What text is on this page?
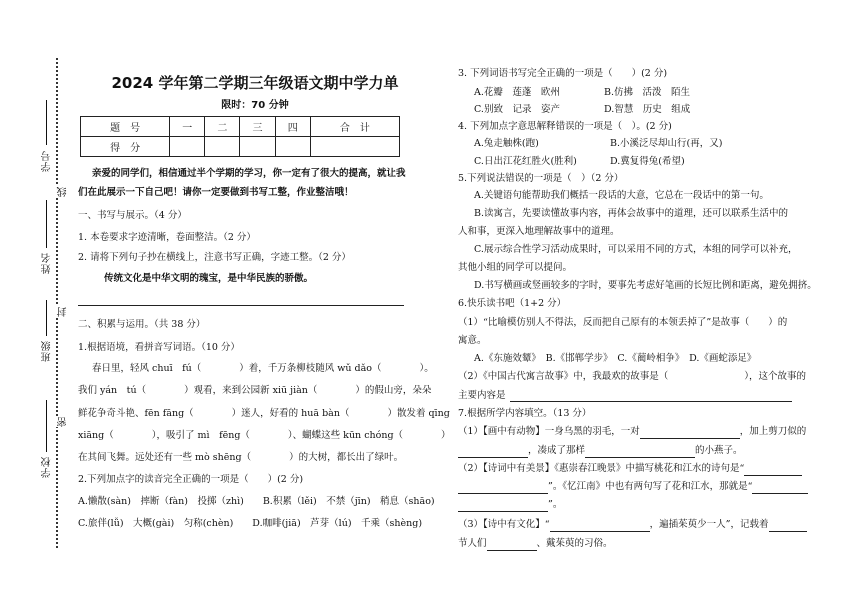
学号
线
姓名
封
班级
密
学校
2024 学年第二学期三年级语文期中学力单
限时：70 分钟
题　号	一	二	三	四	合　计
得　分					
亲爱的同学们，相信通过半个学期的学习，你一定有了很大的提高，就让我
们在此展示一下自己吧！请你一定要做到书写工整，作业整洁哦！
一、书写与展示。（4 分）
1. 本卷要求字迹清晰，卷面整洁。（2 分）
2. 请将下列句子抄在横线上，注意书写正确，字迹工整。（2 分）
传统文化是中华文明的瑰宝，是中华民族的骄傲。
二、积累与运用。（共 38 分）
1.根据语境，看拼音写词语。（10 分）
春日里，轻风 chuī　fú（　　　　）着，千万条柳枝随风 wǔ dǎo（　　　　）。
我们 yán　tú（　　　　）观看，来到公园新 xiū jiàn（　　　　）的假山旁，朵朵
鲜花争奇斗艳、fēn fāng（　　　　）迷人，好看的 huā bàn（　　　　）散发着 qīng
xiāng（　　　　），吸引了 mì　fēng（　　　　）、蝴蝶这些 kūn chóng（　　　　）
在其间飞舞。远处还有一些 mò shēng（　　　　）的大树，都长出了绿叶。
2.下列加点字的读音完全正确的一项是（　　）(2 分)
A.懒散(sàn)　摔断（fàn)　投掷（zhì)　　B.积累（lěi)　不禁（jīn)　稍息（shāo)
C.旅伴(lǚ)　大概(gài)　匀称(chèn)　　D.咖啡(jiā)　芦芽（lú)　千乘（shèng)
3. 下列词语书写完全正确的一项是（　　）(2 分)
A.花瓣　莲蓬　欧州	B.仿拂　活泼　陌生
C.别致　记录　姿产	D.智慧　历史　组成
4. 下列加点字意思解释错误的一项是（　）。(2 分)
A.兔走触株(跑)	B.小溪泛尽却山行(再，又)
C.日出江花红胜火(胜利)	D.冀复得兔(希望)
5.下列说法错误的一项是（　）（2 分）
A.关键语句能帮助我们概括一段话的大意，它总在一段话中的第一句。
B.读寓言，先要读懂故事内容，再体会故事中的道理，还可以联系生活中的
人和事，更深入地理解故事中的道理。
C.展示综合性学习活动成果时，可以采用不同的方式，本组的同学可以补充，
其他小组的同学可以提问。
D.书写横画或竖画较多的字时，要事先考虑好笔画的长短比例和距离，避免拥挤。
6.快乐读书吧（1+2 分）
（1）“比喻模仿别人不得法，反而把自己原有的本领丢掉了”是故事（　　）的
寓意。
A.《东施效颦》　B.《邯郸学步》　C.《蔺岭相争》　D.《画蛇添足》
（2）《中国古代寓言故事》中，我最欢的故事是（　　　　　　　　），这个故事的
主要内容是
7.根据所学内容填空。（13 分）
（1）【画中有动物】一身乌黑的羽毛，一对	，加上剪刀似的
，凑成了那样	的小燕子。
（2）【诗词中有美景】《惠崇春江晚景》中描写桃花和江水的诗句是“
”。《忆江南》中也有两句写了花和江水，那就是“
”。
（3）【诗中有文化】“	，遍插茱萸少一人”，记载着
节人们	、戴茱萸的习俗。
